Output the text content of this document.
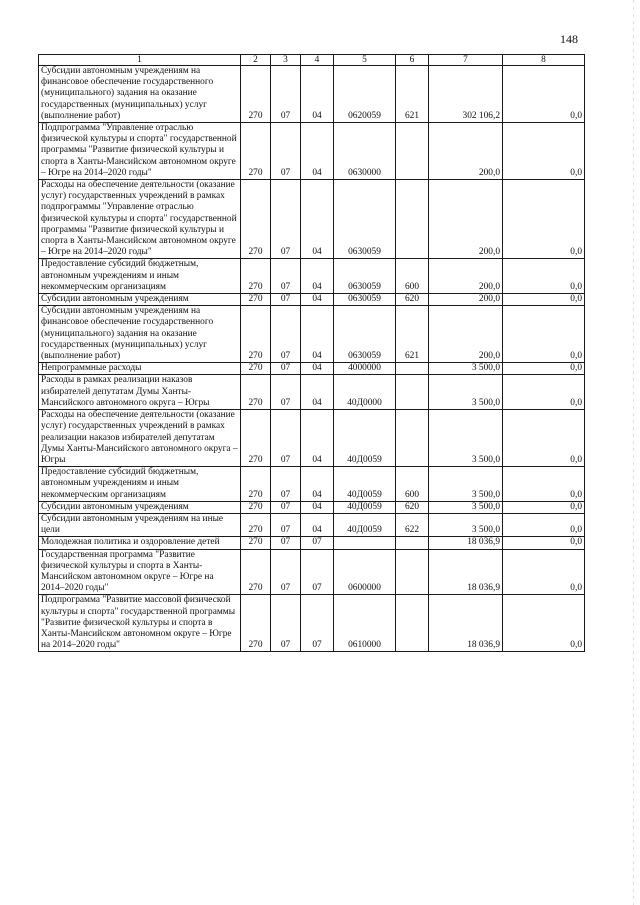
148
1	2	3	4	5	6	7	8
Субсидии автономным учреждениям на финансовое обеспечение государственного (муниципального) задания на оказание государственных (муниципальных) услуг (выполнение работ)	270	07	04	0620059	621	302 106,2	0,0
Подпрограмма "Управление отраслью физической культуры и спорта" государственной программы "Развитие физической культуры и спорта в Ханты-Мансийском автономном округе – Югре на 2014–2020 годы"	270	07	04	0630000		200,0	0,0
Расходы на обеспечение деятельности (оказание услуг) государственных учреждений в рамках подпрограммы "Управление отраслью физической культуры и спорта" государственной программы "Развитие физической культуры и спорта в Ханты-Мансийском автономном округе – Югре на 2014–2020 годы"	270	07	04	0630059		200,0	0,0
Предоставление субсидий бюджетным, автономным учреждениям и иным некоммерческим организациям	270	07	04	0630059	600	200,0	0,0
Субсидии автономным учреждениям	270	07	04	0630059	620	200,0	0,0
Субсидии автономным учреждениям на финансовое обеспечение государственного (муниципального) задания на оказание государственных (муниципальных) услуг (выполнение работ)	270	07	04	0630059	621	200,0	0,0
Непрограммные расходы	270	07	04	4000000		3 500,0	0,0
Расходы в рамках реализации наказов избирателей депутатам Думы Ханты-Мансийского автономного округа – Югры	270	07	04	40Д0000		3 500,0	0,0
Расходы на обеспечение деятельности (оказание услуг) государственных учреждений в рамках реализации наказов избирателей депутатам Думы Ханты-Мансийского автономного округа – Югры	270	07	04	40Д0059		3 500,0	0,0
Предоставление субсидий бюджетным, автономным учреждениям и иным некоммерческим организациям	270	07	04	40Д0059	600	3 500,0	0,0
Субсидии автономным учреждениям	270	07	04	40Д0059	620	3 500,0	0,0
Субсидии автономным учреждениям на иные цели	270	07	04	40Д0059	622	3 500,0	0,0
Молодежная политика и оздоровление детей	270	07	07			18 036,9	0,0
Государственная программа "Развитие физической культуры и спорта в Ханты-Мансийском автономном округе – Югре на 2014–2020 годы"	270	07	07	0600000		18 036,9	0,0
Подпрограмма "Развитие массовой физической культуры и спорта" государственной программы "Развитие физической культуры и спорта в Ханты-Мансийском автономном округе – Югре на 2014–2020 годы"	270	07	07	0610000		18 036,9	0,0
